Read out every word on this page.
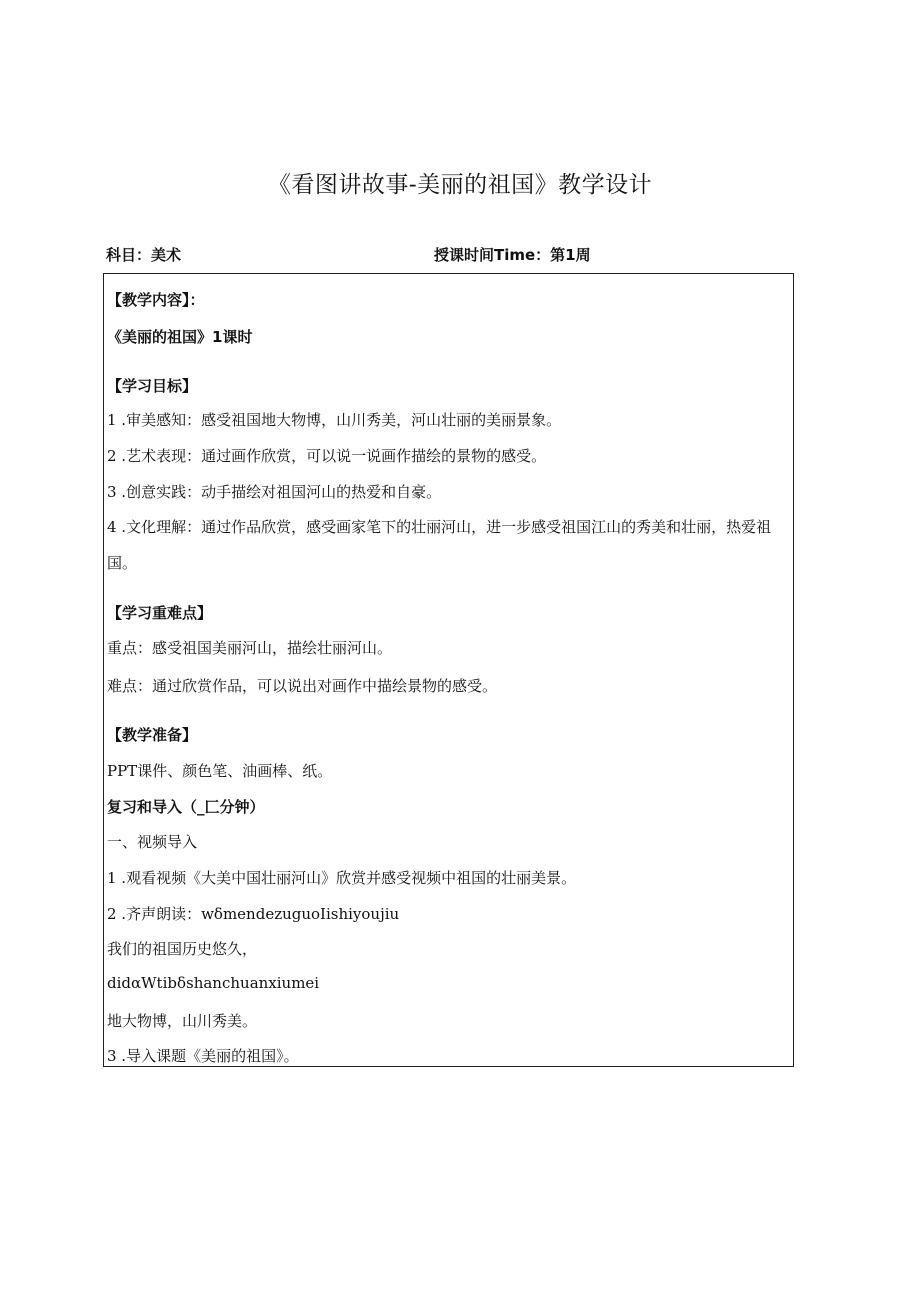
《看图讲故事-美丽的祖国》教学设计
科目：美术	授课时间Time：第1周
【教学内容】：
《美丽的祖国》1课时
【学习目标】
1 .审美感知：感受祖国地大物博，山川秀美，河山壮丽的美丽景象。
2 .艺术表现：通过画作欣赏，可以说一说画作描绘的景物的感受。
3 .创意实践：动手描绘对祖国河山的热爱和自豪。
4 .文化理解：通过作品欣赏，感受画家笔下的壮丽河山，进一步感受祖国江山的秀美和壮丽，热爱祖国。
【学习重难点】
重点：感受祖国美丽河山，描绘壮丽河山。
难点：通过欣赏作品，可以说出对画作中描绘景物的感受。
【教学准备】
PPT课件、颜色笔、油画棒、纸。
复习和导入（_匚分钟）
一、视频导入
1 .观看视频《大美中国壮丽河山》欣赏并感受视频中祖国的壮丽美景。
2 .齐声朗读：wδmendezuguoIishiyoujiu
我们的祖国历史悠久，
didαWtibδshanchuanxiumei
地大物博，山川秀美。
3 .导入课题《美丽的祖国》。
